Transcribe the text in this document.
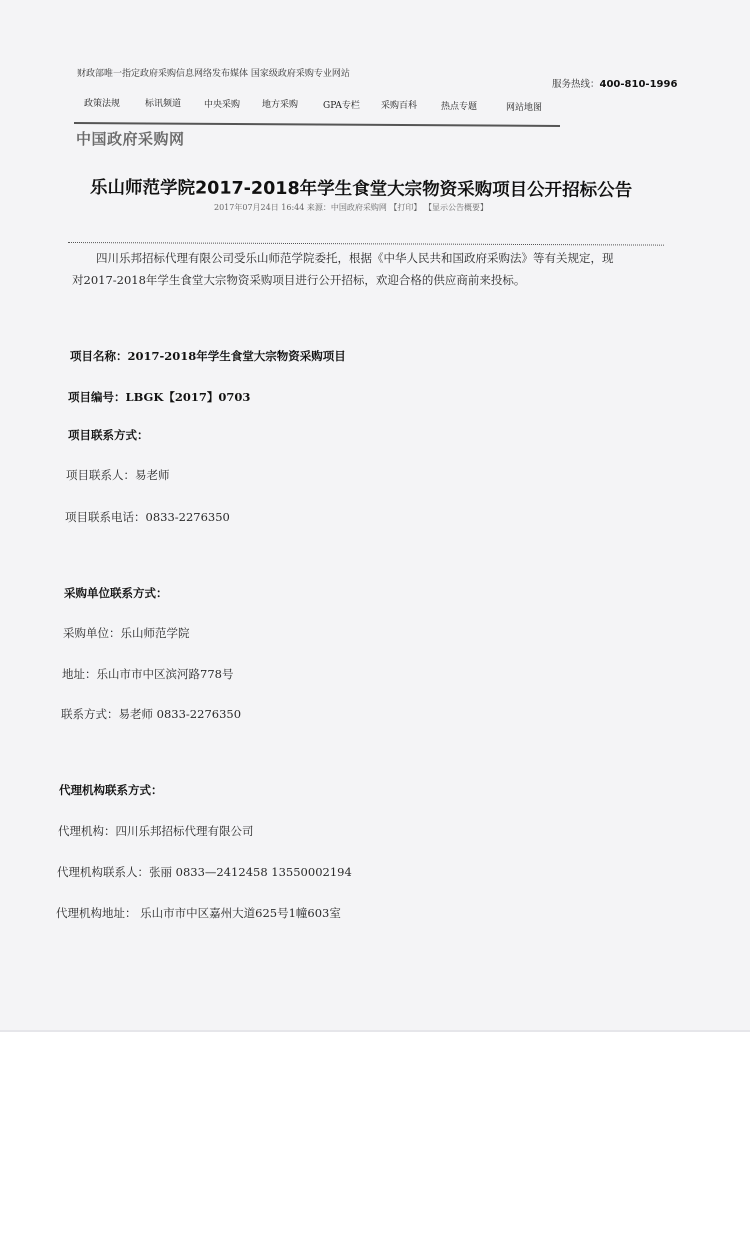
财政部唯一指定政府采购信息网络发布媒体 国家级政府采购专业网站
服务热线：400-810-1996
政策法规	标讯频道	中央采购 地方采购	GPA专栏 采购百科	热点专题	网站地图
中国政府采购网
乐山师范学院2017-2018年学生食堂大宗物资采购项目公开招标公告
2017年07月24日 16:44 来源：中国政府采购网 【打印】 【显示公告概要】
四川乐邦招标代理有限公司受乐山师范学院委托，根据《中华人民共和国政府采购法》等有关规定，现
对2017-2018年学生食堂大宗物资采购项目进行公开招标，欢迎合格的供应商前来投标。
项目名称：2017-2018年学生食堂大宗物资采购项目
项目编号：LBGK【2017】0703
项目联系方式：
项目联系人：易老师
项目联系电话：0833-2276350
采购单位联系方式：
采购单位：乐山师范学院
地址：乐山市市中区滨河路778号
联系方式：易老师 0833-2276350
代理机构联系方式：
代理机构：四川乐邦招标代理有限公司
代理机构联系人：张丽 0833—2412458 13550002194
代理机构地址： 乐山市市中区嘉州大道625号1幢603室
